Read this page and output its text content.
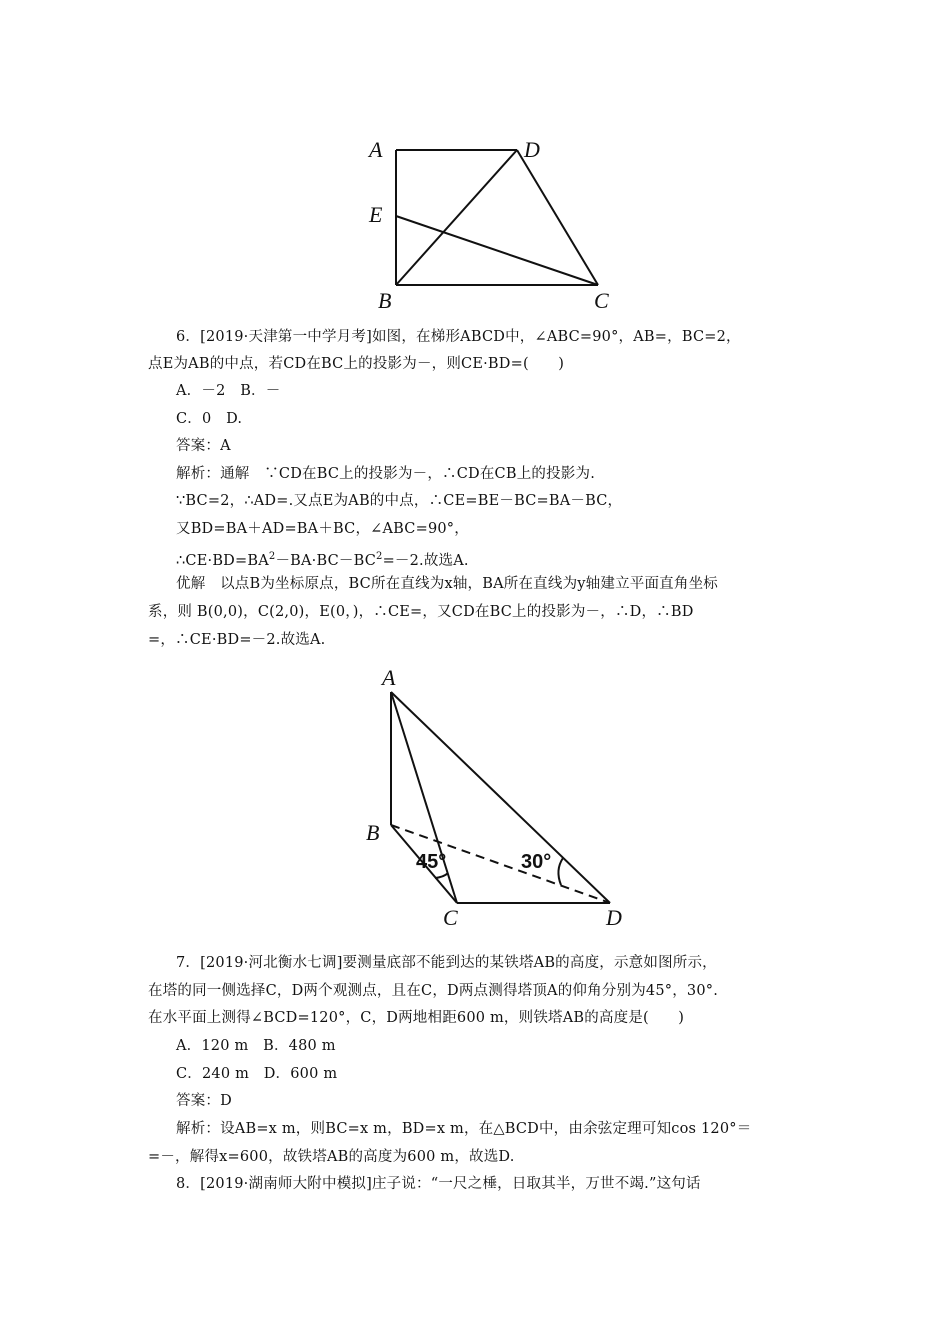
A	D
E
B	C
6．[2019·天津第一中学月考]如图，在梯形ABCD中，∠ABC=90°，AB=，BC=2，
点E为AB的中点，若CD在BC上的投影为－，则CE·BD=(　　)
A．－2　B．－
C．0　D.
答案：A
解析：通解　∵CD在BC上的投影为－，∴CD在CB上的投影为.
∵BC=2，∴AD=.又点E为AB的中点，∴CE=BE－BC=BA－BC，
又BD=BA＋AD=BA＋BC，∠ABC=90°，
$\therefore CE\cdot BD=BA^2-BA\cdot BC-BC^2=-2$.故选A.
优解　以点B为坐标原点，BC所在直线为x轴，BA所在直线为y轴建立平面直角坐标
系，则 B(0,0)，C(2,0)，E(0，)，∴CE=，又CD在BC上的投影为－，∴D，∴BD
=，∴CE·BD=－2.故选A.
A
B
C	D
45°	30°
7．[2019·河北衡水七调]要测量底部不能到达的某铁塔AB的高度，示意如图所示，
在塔的同一侧选择C，D两个观测点，且在C，D两点测得塔顶A的仰角分别为45°，30°.
在水平面上测得∠BCD=120°，C，D两地相距600 m，则铁塔AB的高度是(　　)
A．120 m　B．480 m
C．240 m　D．600 m
答案：D
解析：设AB=x m，则BC=x m，BD=x m，在△BCD中，由余弦定理可知cos 120°＝
=－，解得x=600，故铁塔AB的高度为600 m，故选D.
8．[2019·湖南师大附中模拟]庄子说：“一尺之棰，日取其半，万世不竭.”这句话
